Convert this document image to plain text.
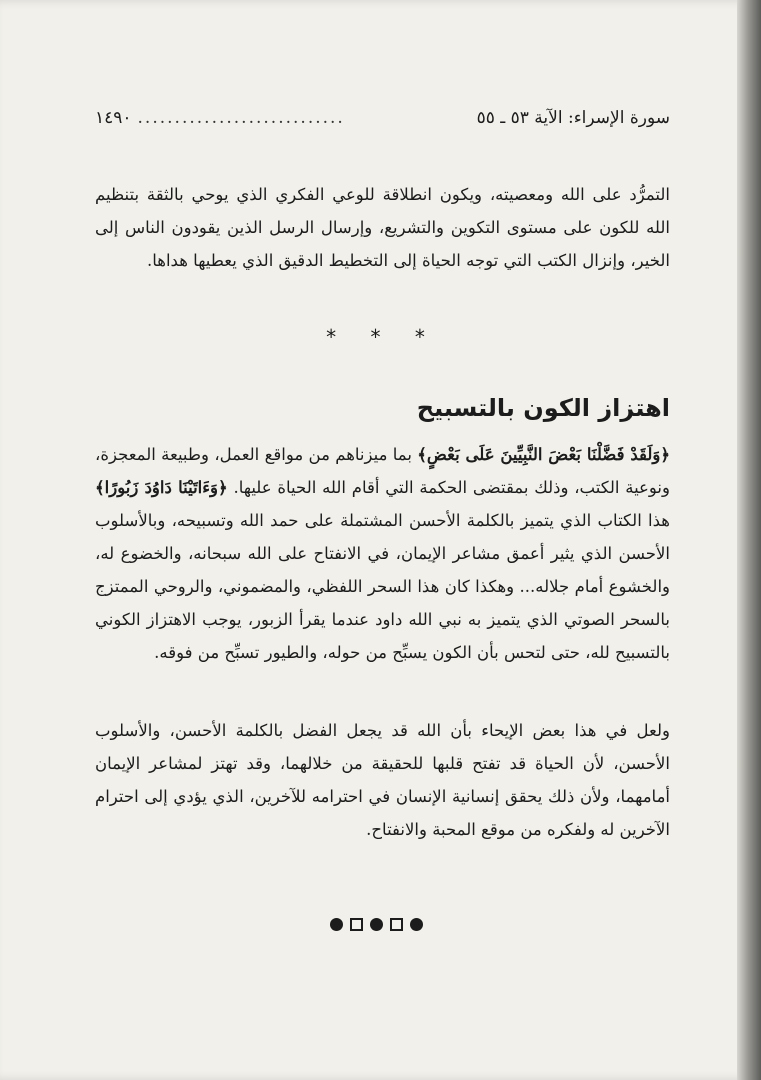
سورة الإسراء: الآية ٥٣ ـ ٥٥
............................
١٤٩٠
التمرُّد على الله ومعصيته، ويكون انطلاقة للوعي الفكري الذي يوحي بالثقة بتنظيم الله للكون على مستوى التكوين والتشريع، وإرسال الرسل الذين يقودون الناس إلى الخير، وإنزال الكتب التي توجه الحياة إلى التخطيط الدقيق الذي يعطيها هداها.
* * *
اهتزاز الكون بالتسبيح
﴿وَلَقَدْ فَضَّلْنَا بَعْضَ النَّبِيِّينَ عَلَى بَعْضٍ﴾ بما ميزناهم من مواقع العمل، وطبيعة المعجزة، ونوعية الكتب، وذلك بمقتضى الحكمة التي أقام الله الحياة عليها. ﴿وَءَاتَيْنَا دَاوُدَ زَبُورًا﴾ هذا الكتاب الذي يتميز بالكلمة الأحسن المشتملة على حمد الله وتسبيحه، وبالأسلوب الأحسن الذي يثير أعمق مشاعر الإيمان، في الانفتاح على الله سبحانه، والخضوع له، والخشوع أمام جلاله... وهكذا كان هذا السحر اللفظي، والمضموني، والروحي الممتزج بالسحر الصوتي الذي يتميز به نبي الله داود عندما يقرأ الزبور، يوجب الاهتزاز الكوني بالتسبيح لله، حتى لتحس بأن الكون يسبِّح من حوله، والطيور تسبِّح من فوقه.
ولعل في هذا بعض الإيحاء بأن الله قد يجعل الفضل بالكلمة الأحسن، والأسلوب الأحسن، لأن الحياة قد تفتح قلبها للحقيقة من خلالهما، وقد تهتز لمشاعر الإيمان أمامهما، ولأن ذلك يحقق إنسانية الإنسان في احترامه للآخرين، الذي يؤدي إلى احترام الآخرين له ولفكره من موقع المحبة والانفتاح.
